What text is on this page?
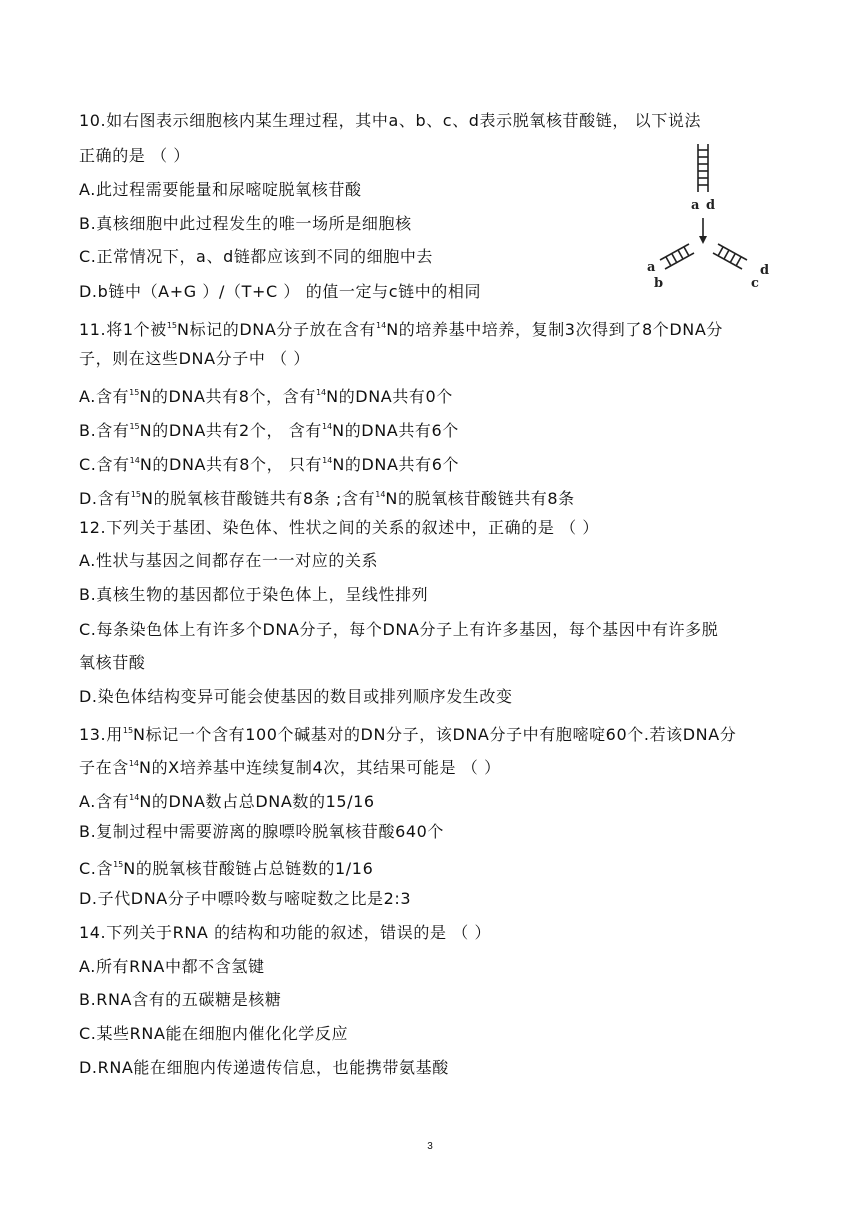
10.如右图表示细胞核内某生理过程，其中a、b、c、d表示脱氧核苷酸链， 以下说法
正确的是 （ ）
A.此过程需要能量和尿嘧啶脱氧核苷酸
B.真核细胞中此过程发生的唯一场所是细胞核
C.正常情况下，a、d链都应该到不同的细胞中去
D.b链中（A+G ）/（T+C ） 的值一定与c链中的相同
a d
a
b
d
c
11.将1个被$^{15}$N标记的DNA分子放在含有$^{14}$N的培养基中培养，复制3次得到了8个DNA分
子，则在这些DNA分子中 （ ）
A.含有$^{15}$N的DNA共有8个，含有$^{14}$N的DNA共有0个
B.含有$^{15}$N的DNA共有2个， 含有$^{14}$N的DNA共有6个
C.含有$^{14}$N的DNA共有8个， 只有$^{14}$N的DNA共有6个
D.含有$^{15}$N的脱氧核苷酸链共有8条 ;含有$^{14}$N的脱氧核苷酸链共有8条
12.下列关于基团、染色体、性状之间的关系的叙述中，正确的是 （ ）
A.性状与基因之间都存在一一对应的关系
B.真核生物的基因都位于染色体上，呈线性排列
C.每条染色体上有许多个DNA分子，每个DNA分子上有许多基因，每个基因中有许多脱
氧核苷酸
D.染色体结构变异可能会使基因的数目或排列顺序发生改变
13.用$^{15}$N标记一个含有100个碱基对的DN分子，该DNA分子中有胞嘧啶60个.若该DNA分
子在含$^{14}$N的X培养基中连续复制4次，其结果可能是 （ ）
A.含有$^{14}$N的DNA数占总DNA数的15/16
B.复制过程中需要游离的腺嘌呤脱氧核苷酸640个
C.含$^{15}$N的脱氧核苷酸链占总链数的1/16
D.子代DNA分子中嘌呤数与嘧啶数之比是2:3
14.下列关于RNA 的结构和功能的叙述，错误的是 （ ）
A.所有RNA中都不含氢键
B.RNA含有的五碳糖是核糖
C.某些RNA能在细胞内催化化学反应
D.RNA能在细胞内传递遗传信息，也能携带氨基酸
3
